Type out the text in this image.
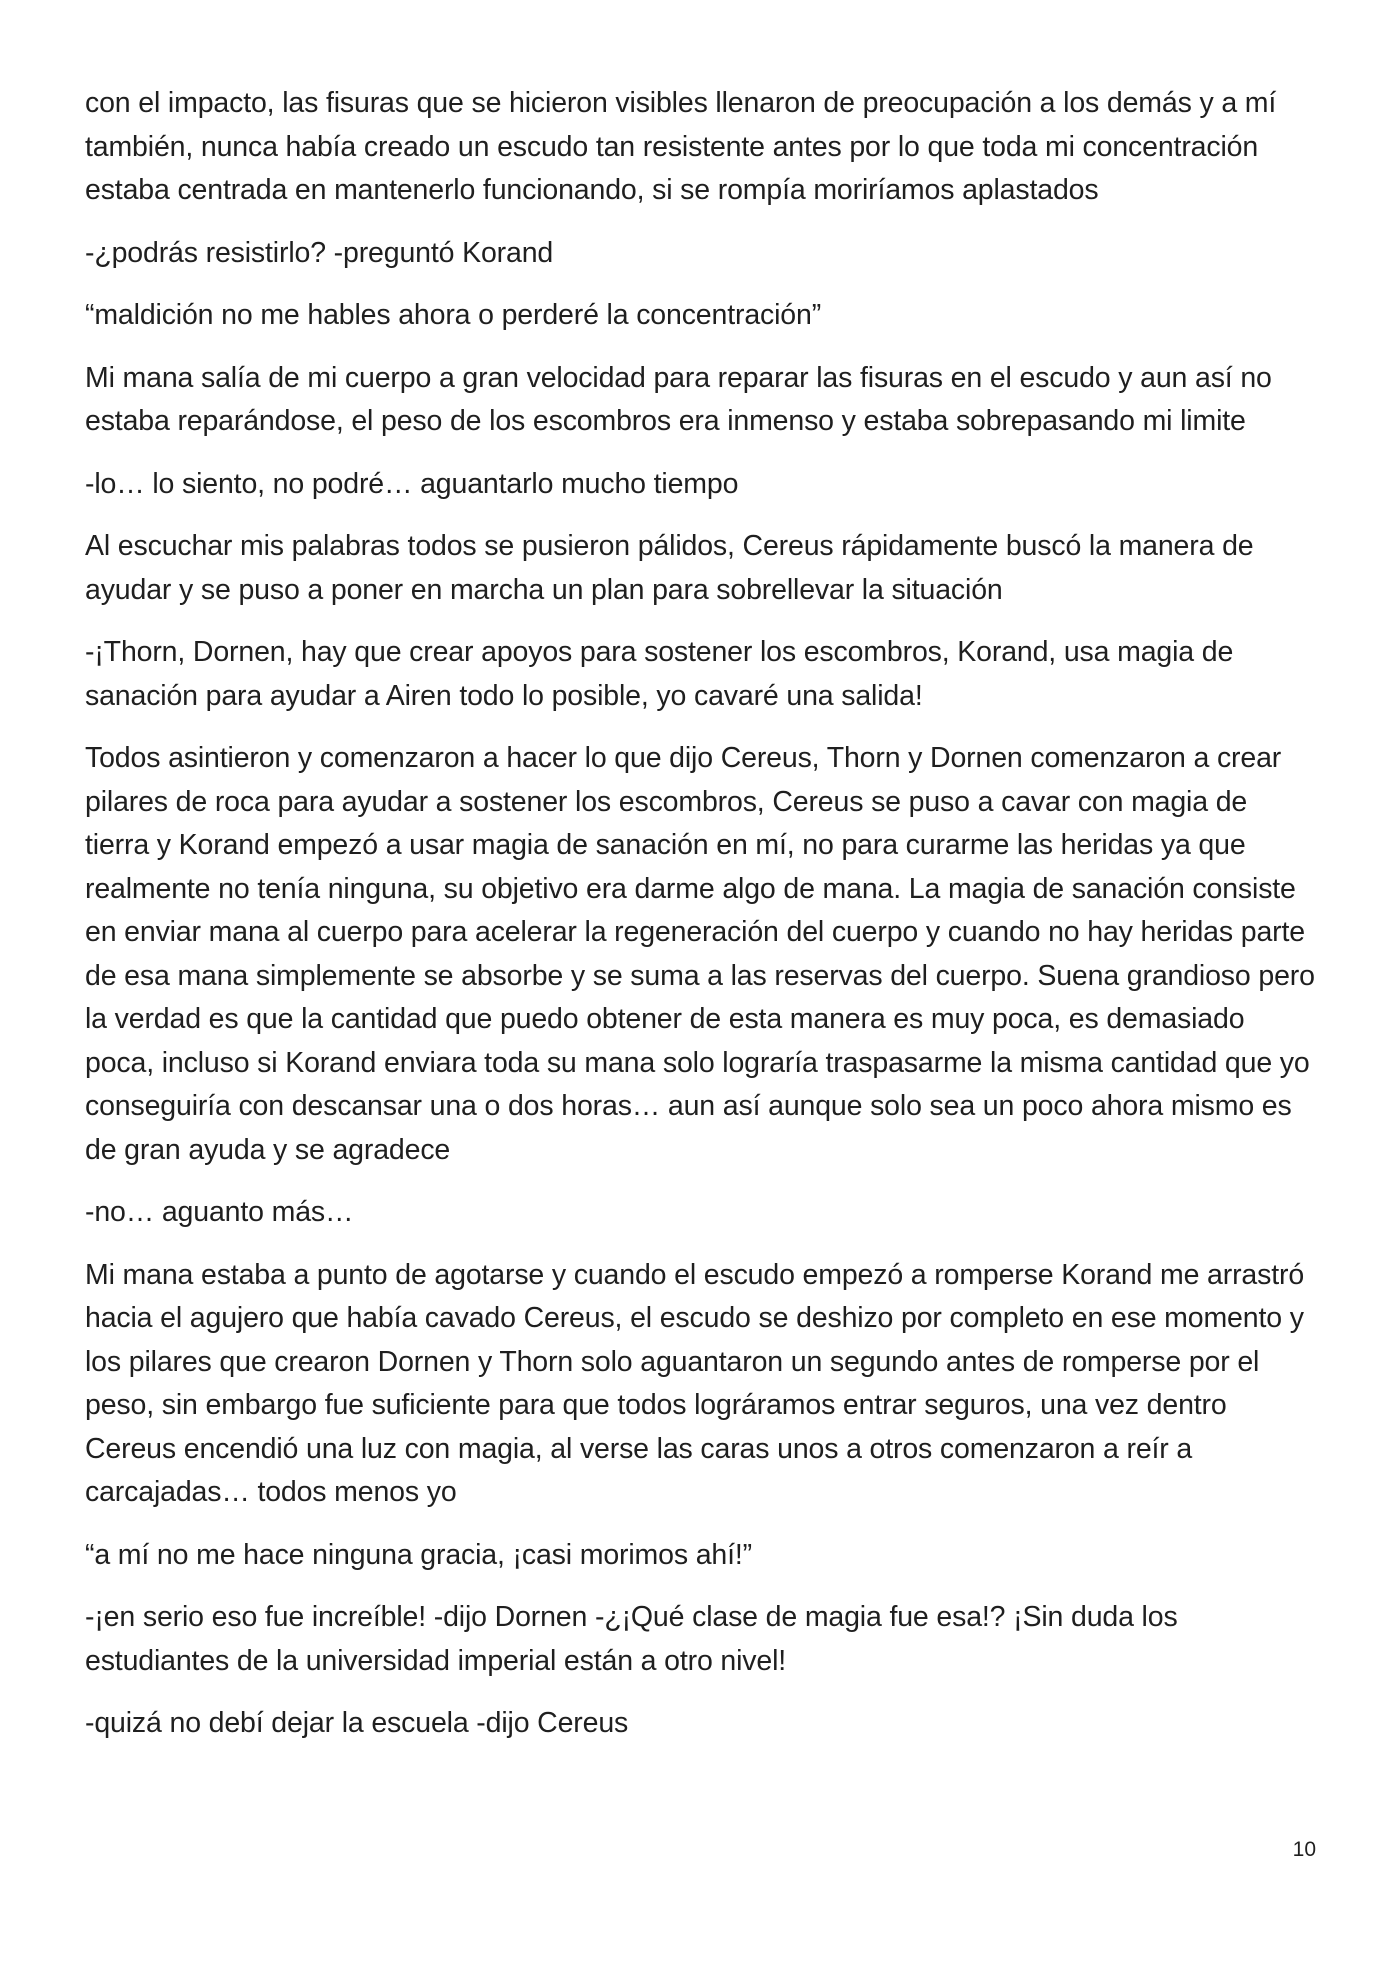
con el impacto, las fisuras que se hicieron visibles llenaron de preocupación a los demás y a mí también, nunca había creado un escudo tan resistente antes por lo que toda mi concentración estaba centrada en mantenerlo funcionando, si se rompía moriríamos aplastados

-¿podrás resistirlo? -preguntó Korand

“maldición no me hables ahora o perderé la concentración”

Mi mana salía de mi cuerpo a gran velocidad para reparar las fisuras en el escudo y aun así no estaba reparándose, el peso de los escombros era inmenso y estaba sobrepasando mi limite

-lo… lo siento, no podré… aguantarlo mucho tiempo

Al escuchar mis palabras todos se pusieron pálidos, Cereus rápidamente buscó la manera de ayudar y se puso a poner en marcha un plan para sobrellevar la situación

-¡Thorn, Dornen, hay que crear apoyos para sostener los escombros, Korand, usa magia de sanación para ayudar a Airen todo lo posible, yo cavaré una salida!

Todos asintieron y comenzaron a hacer lo que dijo Cereus, Thorn y Dornen comenzaron a crear pilares de roca para ayudar a sostener los escombros, Cereus se puso a cavar con magia de tierra y Korand empezó a usar magia de sanación en mí, no para curarme las heridas ya que realmente no tenía ninguna, su objetivo era darme algo de mana. La magia de sanación consiste en enviar mana al cuerpo para acelerar la regeneración del cuerpo y cuando no hay heridas parte de esa mana simplemente se absorbe y se suma a las reservas del cuerpo. Suena grandioso pero la verdad es que la cantidad que puedo obtener de esta manera es muy poca, es demasiado poca, incluso si Korand enviara toda su mana solo lograría traspasarme la misma cantidad que yo conseguiría con descansar una o dos horas… aun así aunque solo sea un poco ahora mismo es de gran ayuda y se agradece

-no… aguanto más…

Mi mana estaba a punto de agotarse y cuando el escudo empezó a romperse Korand me arrastró hacia el agujero que había cavado Cereus, el escudo se deshizo por completo en ese momento y los pilares que crearon Dornen y Thorn solo aguantaron un segundo antes de romperse por el peso, sin embargo fue suficiente para que todos lográramos entrar seguros, una vez dentro Cereus encendió una luz con magia, al verse las caras unos a otros comenzaron a reír a carcajadas… todos menos yo

“a mí no me hace ninguna gracia, ¡casi morimos ahí!”

-¡en serio eso fue increíble! -dijo Dornen -¿¡Qué clase de magia fue esa!? ¡Sin duda los estudiantes de la universidad imperial están a otro nivel!

-quizá no debí dejar la escuela -dijo Cereus

10
